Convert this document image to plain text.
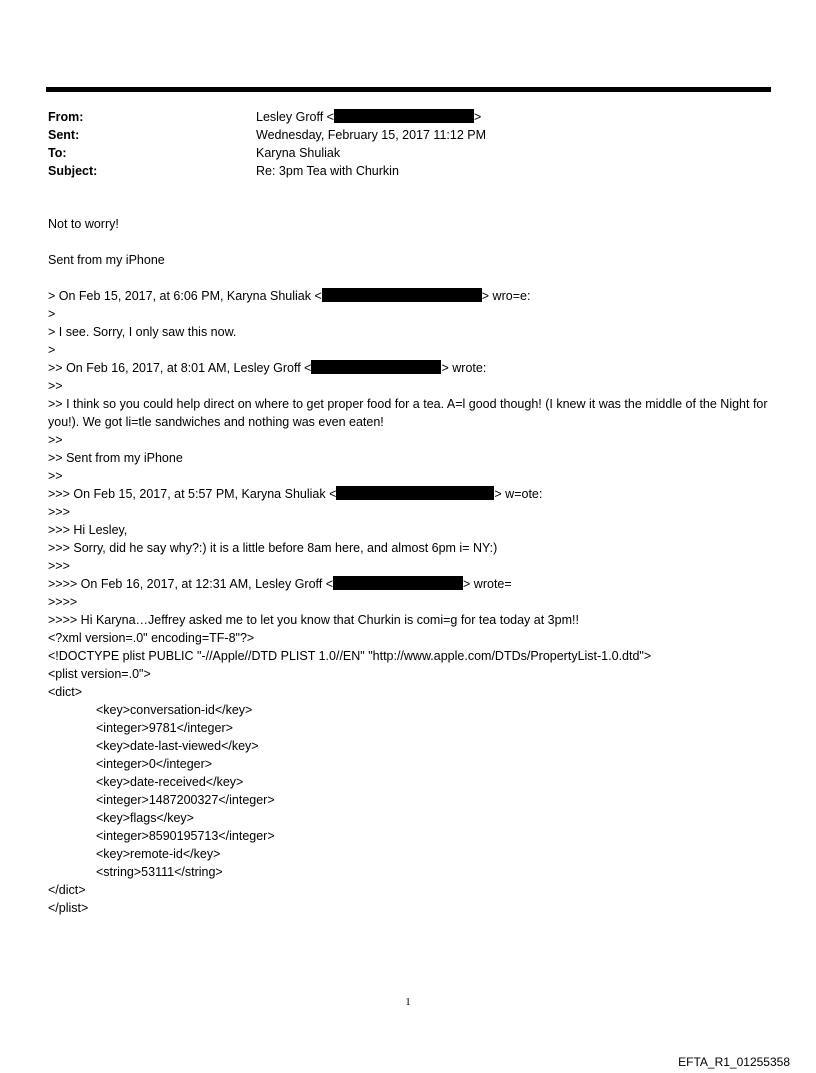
From:	Lesley Groff <	>
Sent:	Wednesday, February 15, 2017 11:12 PM
To:	Karyna Shuliak
Subject:	Re: 3pm Tea with Churkin
Not to worry!
Sent from my iPhone
> On Feb 15, 2017, at 6:06 PM, Karyna Shuliak <	> wro=e:
>
> I see. Sorry, I only saw this now.
>
>> On Feb 16, 2017, at 8:01 AM, Lesley Groff <	> wrote:
>>
>> I think so you could help direct on where to get proper food for a tea. A=l good though! (I knew it was the middle of the Night for you!). We got li=tle sandwiches and nothing was even eaten!
>>
>> Sent from my iPhone
>>
>>> On Feb 15, 2017, at 5:57 PM, Karyna Shuliak <	> w=ote:
>>>
>>> Hi Lesley,
>>> Sorry, did he say why?:) it is a little before 8am here, and almost 6pm i= NY:)
>>>
>>>> On Feb 16, 2017, at 12:31 AM, Lesley Groff <	> wrote=
>>>>
>>>> Hi Karyna…Jeffrey asked me to let you know that Churkin is comi=g for tea today at 3pm!!
<?xml version=.0" encoding=TF-8"?>
<!DOCTYPE plist PUBLIC "-//Apple//DTD PLIST 1.0//EN" "http://www.apple.com/DTDs/PropertyList-1.0.dtd">
<plist version=.0">
<dict>
<key>conversation-id</key>
<integer>9781</integer>
<key>date-last-viewed</key>
<integer>0</integer>
<key>date-received</key>
<integer>1487200327</integer>
<key>flags</key>
<integer>8590195713</integer>
<key>remote-id</key>
<string>53111</string>
</dict>
</plist>
1
EFTA_R1_01255358
